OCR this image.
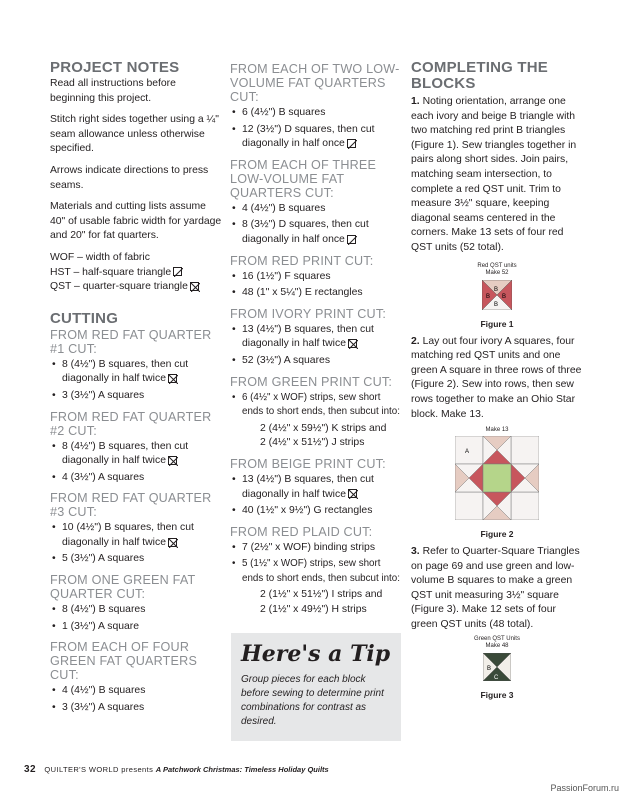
PROJECT NOTES
Read all instructions before beginning this project.
Stitch right sides together using a ¼" seam allowance unless otherwise specified.
Arrows indicate directions to press seams.
Materials and cutting lists assume 40" of usable fabric width for yardage and 20" for fat quarters.
WOF – width of fabric
HST – half-square triangle
QST – quarter-square triangle
CUTTING
FROM RED FAT QUARTER #1 CUT:
• 8 (4½") B squares, then cut diagonally in half twice
• 3 (3½") A squares
FROM RED FAT QUARTER #2 CUT:
• 8 (4½") B squares, then cut diagonally in half twice
• 4 (3½") A squares
FROM RED FAT QUARTER #3 CUT:
• 10 (4½") B squares, then cut diagonally in half twice
• 5 (3½") A squares
FROM ONE GREEN FAT QUARTER CUT:
• 8 (4½") B squares
• 1 (3½") A square
FROM EACH OF FOUR GREEN FAT QUARTERS CUT:
• 4 (4½") B squares
• 3 (3½") A squares
FROM EACH OF TWO LOW-VOLUME FAT QUARTERS CUT:
• 6 (4½") B squares
• 12 (3½") D squares, then cut diagonally in half once
FROM EACH OF THREE LOW-VOLUME FAT QUARTERS CUT:
• 4 (4½") B squares
• 8 (3½") D squares, then cut diagonally in half once
FROM RED PRINT CUT:
• 16 (1½") F squares
• 48 (1" x 5¼") E rectangles
FROM IVORY PRINT CUT:
• 13 (4½") B squares, then cut diagonally in half twice
• 52 (3½") A squares
FROM GREEN PRINT CUT:
• 6 (4½" x WOF) strips, sew short ends to short ends, then subcut into:
2 (4½" x 59½") K strips and
2 (4½" x 51½") J strips
FROM BEIGE PRINT CUT:
• 13 (4½") B squares, then cut diagonally in half twice
• 40 (1½" x 9½") G rectangles
FROM RED PLAID CUT:
• 7 (2½" x WOF) binding strips
• 5 (1½" x WOF) strips, sew short ends to short ends, then subcut into:
2 (1½" x 51½") I strips and
2 (1½" x 49½") H strips
Here's a Tip
Group pieces for each block before sewing to determine print combinations for contrast as desired.
COMPLETING THE BLOCKS
1. Noting orientation, arrange one each ivory and beige B triangle with two matching red print B triangles (Figure 1). Sew triangles together in pairs along short sides. Join pairs, matching seam intersection, to complete a red QST unit. Trim to measure 3½" square, keeping diagonal seams centered in the corners. Make 13 sets of four red QST units (52 total).
Red QST units
Make 52
B
B B
B
Figure 1
2. Lay out four ivory A squares, four matching red QST units and one green A square in three rows of three (Figure 2). Sew into rows, then sew rows together to make an Ohio Star block. Make 13.
Make 13
A
Figure 2
3. Refer to Quarter-Square Triangles on page 69 and use green and low-volume B squares to make a green QST unit measuring 3½" square (Figure 3). Make 12 sets of four green QST units (48 total).
Green QST Units
Make 48
B
C
Figure 3
32 QUILTER'S WORLD presents A Patchwork Christmas: Timeless Holiday Quilts
PassionForum.ru
